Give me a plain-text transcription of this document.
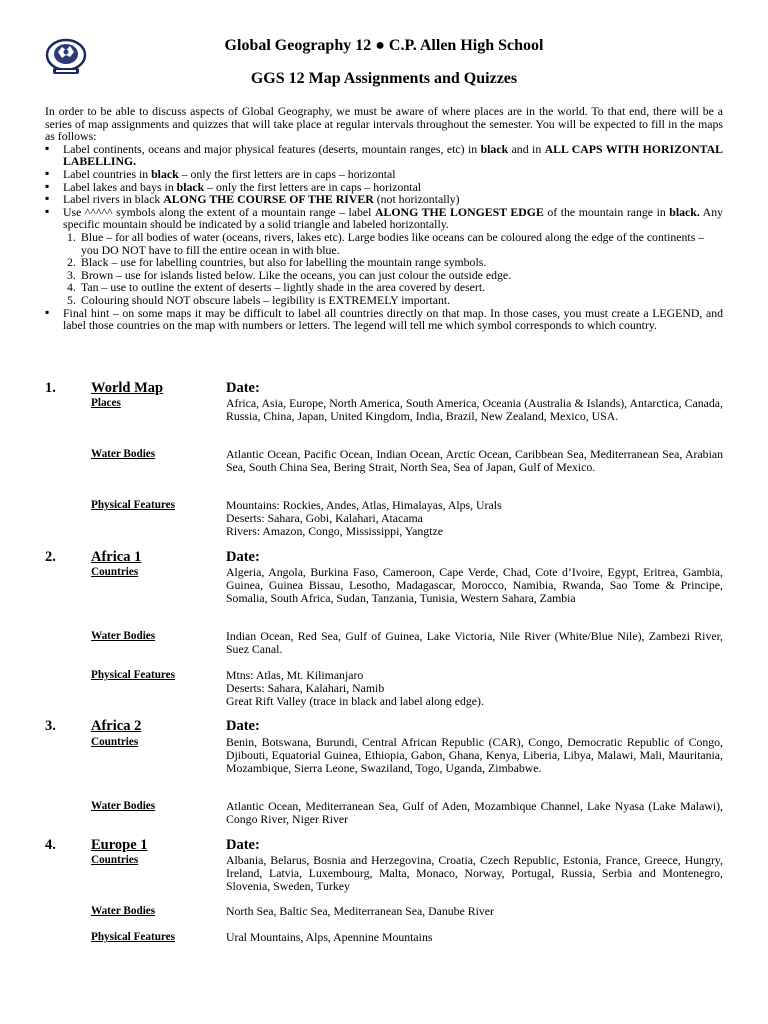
Global Geography 12 ● C.P. Allen High School
GGS 12 Map Assignments and Quizzes

In order to be able to discuss aspects of Global Geography, we must be aware of where places are in the world. To that end, there will be a series of map assignments and quizzes that will take place at regular intervals throughout the semester. You will be expected to fill in the maps as follows:

▪ Label continents, oceans and major physical features (deserts, mountain ranges, etc) in black and in ALL CAPS WITH HORIZONTAL LABELLING.
▪ Label countries in black – only the first letters are in caps – horizontal
▪ Label lakes and bays in black – only the first letters are in caps – horizontal
▪ Label rivers in black ALONG THE COURSE OF THE RIVER (not horizontally)
▪ Use ^^^^^ symbols along the extent of a mountain range – label ALONG THE LONGEST EDGE of the mountain range in black. Any specific mountain should be indicated by a solid triangle and labeled horizontally.
1. Blue – for all bodies of water (oceans, rivers, lakes etc). Large bodies like oceans can be coloured along the edge of the continents – you DO NOT have to fill the entire ocean in with blue.
2. Black – use for labelling countries, but also for labelling the mountain range symbols.
3. Brown – use for islands listed below. Like the oceans, you can just colour the outside edge.
4. Tan – use to outline the extent of deserts – lightly shade in the area covered by desert.
5. Colouring should NOT obscure labels – legibility is EXTREMELY important.
▪ Final hint – on some maps it may be difficult to label all countries directly on that map. In those cases, you must create a LEGEND, and label those countries on the map with numbers or letters. The legend will tell me which symbol corresponds to which country.
1. World Map	Date:
Places	Africa, Asia, Europe, North America, South America, Oceania (Australia & Islands), Antarctica, Canada, Russia, China, Japan, United Kingdom, India, Brazil, New Zealand, Mexico, USA.
Water Bodies	Atlantic Ocean, Pacific Ocean, Indian Ocean, Arctic Ocean, Caribbean Sea, Mediterranean Sea, Arabian Sea, South China Sea, Bering Strait, North Sea, Sea of Japan, Gulf of Mexico.
Physical Features	Mountains: Rockies, Andes, Atlas, Himalayas, Alps, Urals
Deserts: Sahara, Gobi, Kalahari, Atacama
Rivers: Amazon, Congo, Mississippi, Yangtze
2. Africa 1	Date:
Countries	Algeria, Angola, Burkina Faso, Cameroon, Cape Verde, Chad, Cote d’Ivoire, Egypt, Eritrea, Gambia, Guinea, Guinea Bissau, Lesotho, Madagascar, Morocco, Namibia, Rwanda, Sao Tome & Principe, Somalia, South Africa, Sudan, Tanzania, Tunisia, Western Sahara, Zambia
Water Bodies	Indian Ocean, Red Sea, Gulf of Guinea, Lake Victoria, Nile River (White/Blue Nile), Zambezi River, Suez Canal.
Physical Features	Mtns: Atlas, Mt. Kilimanjaro
Deserts: Sahara, Kalahari, Namib
Great Rift Valley (trace in black and label along edge).
3. Africa 2	Date:
Countries	Benin, Botswana, Burundi, Central African Republic (CAR), Congo, Democratic Republic of Congo, Djibouti, Equatorial Guinea, Ethiopia, Gabon, Ghana, Kenya, Liberia, Libya, Malawi, Mali, Mauritania, Mozambique, Sierra Leone, Swaziland, Togo, Uganda, Zimbabwe.
Water Bodies	Atlantic Ocean, Mediterranean Sea, Gulf of Aden, Mozambique Channel, Lake Nyasa (Lake Malawi), Congo River, Niger River
4. Europe 1	Date:
Countries	Albania, Belarus, Bosnia and Herzegovina, Croatia, Czech Republic, Estonia, France, Greece, Hungry, Ireland, Latvia, Luxembourg, Malta, Monaco, Norway, Portugal, Russia, Serbia and Montenegro, Slovenia, Sweden, Turkey
Water Bodies	North Sea, Baltic Sea, Mediterranean Sea, Danube River
Physical Features	Ural Mountains, Alps, Apennine Mountains
